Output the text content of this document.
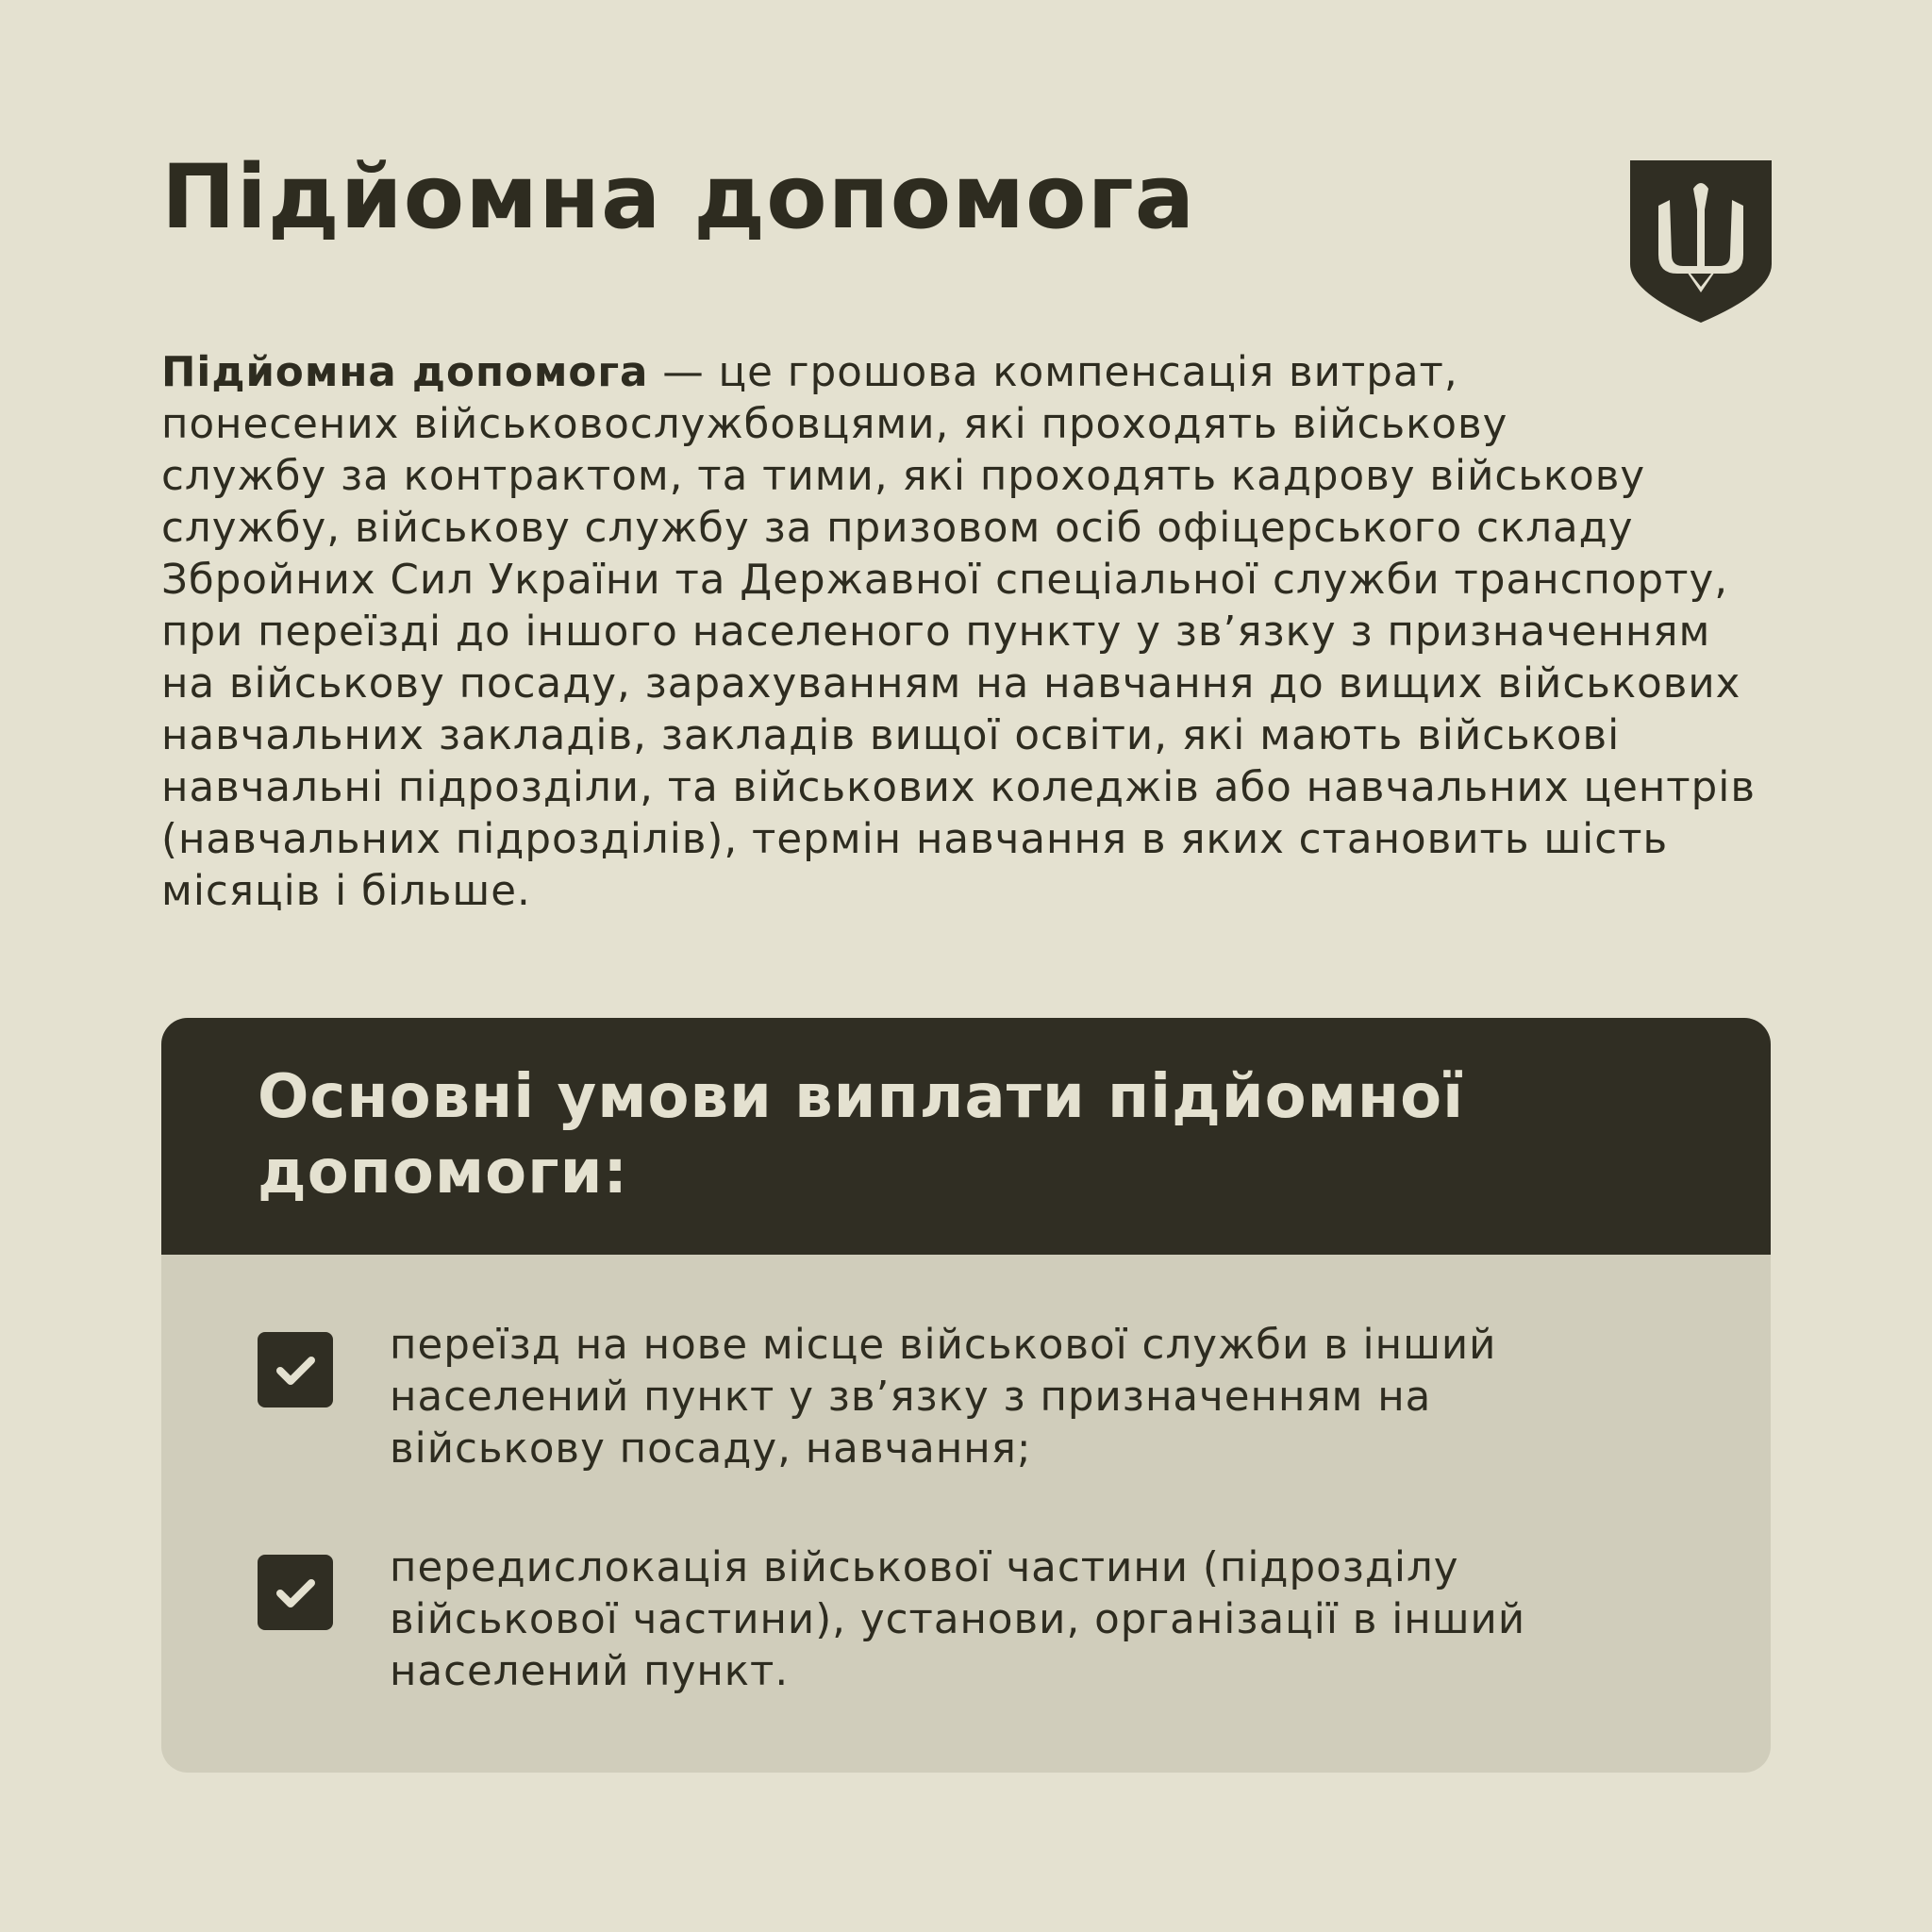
Підйомна допомога

Підйомна допомога — це грошова компенсація витрат,
понесених військовослужбовцями, які проходять військову
службу за контрактом, та тими, які проходять кадрову військову
службу, військову службу за призовом осіб офіцерського складу
Збройних Сил України та Державної спеціальної служби транспорту,
при переїзді до іншого населеного пункту у зв’язку з призначенням
на військову посаду, зарахуванням на навчання до вищих військових
навчальних закладів, закладів вищої освіти, які мають військові
навчальні підрозділи, та військових коледжів або навчальних центрів
(навчальних підрозділів), термін навчання в яких становить шість
місяців і більше.

Основні умови виплати підйомної
допомоги:

переїзд на нове місце військової служби в інший
населений пункт у зв’язку з призначенням на
військову посаду, навчання;

передислокація військової частини (підрозділу
військової частини), установи, організації в інший
населений пункт.
